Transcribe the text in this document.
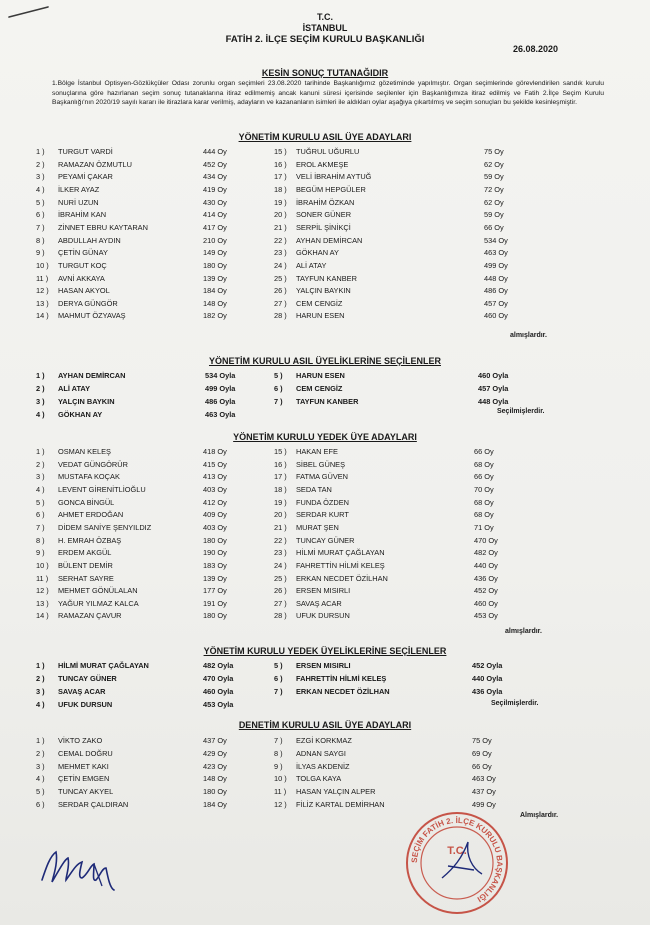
T.C.
İSTANBUL
FATİH 2. İLÇE SEÇİM KURULU BAŞKANLIĞI
26.08.2020
KESİN SONUÇ TUTANAĞIDIR

1.Bölge İstanbul Optisyen-Gözlükçüler Odası zorunlu organ seçimleri 23.08.2020 tarihinde Başkanlığımız gözetiminde yapılmıştır. Organ seçimlerinde görevlendirilen sandık kurulu sonuçlarına göre hazırlanan seçim sonuç tutanaklarına itiraz edilmemiş ancak kanuni süresi içerisinde seçilenler için Başkanlığımıza itiraz edilmiş ve Fatih 2.İlçe Seçim Kurulu Başkanlığı'nın 2020/19 sayılı kararı ile itirazlara karar verilmiş, adayların ve kazananların isimleri ile aldıkları oylar aşağıya çıkartılmış ve seçim sonuçları bu şekilde kesinleşmiştir.

YÖNETİM KURULU ASIL ÜYE ADAYLARI
1 ) TURGUT VARDİ	444 Oy	15 ) TUĞRUL UĞURLU	75 Oy
2 ) RAMAZAN ÖZMUTLU	452 Oy	16 ) EROL AKMEŞE	62 Oy
3 ) PEYAMİ ÇAKAR	434 Oy	17 ) VELİ İBRAHİM AYTUĞ	59 Oy
4 ) İLKER AYAZ	419 Oy	18 ) BEGÜM HEPGÜLER	72 Oy
5 ) NURİ UZUN	430 Oy	19 ) İBRAHİM ÖZKAN	62 Oy
6 ) İBRAHİM KAN	414 Oy	20 ) SONER GÜNER	59 Oy
7 ) ZİNNET EBRU KAYTARAN	417 Oy	21 ) SERPİL ŞİNİKÇİ	66 Oy
8 ) ABDULLAH AYDIN	210 Oy	22 ) AYHAN DEMİRCAN	534 Oy
9 ) ÇETİN GÜNAY	149 Oy	23 ) GÖKHAN AY	463 Oy
10 ) TURGUT KOÇ	180 Oy	24 ) ALİ ATAY	499 Oy
11 ) AVNİ AKKAYA	139 Oy	25 ) TAYFUN KANBER	448 Oy
12 ) HASAN AKYOL	184 Oy	26 ) YALÇIN BAYKIN	486 Oy
13 ) DERYA GÜNGÖR	148 Oy	27 ) CEM CENGİZ	457 Oy
14 ) MAHMUT ÖZYAVAŞ	182 Oy	28 ) HARUN ESEN	460 Oy
almışlardır.
YÖNETİM KURULU ASIL ÜYELİKLERİNE SEÇİLENLER
1 ) AYHAN DEMİRCAN	534 Oyla	5 ) HARUN ESEN	460 Oyla
2 ) ALİ ATAY	499 Oyla	6 ) CEM CENGİZ	457 Oyla
3 ) YALÇIN BAYKIN	486 Oyla	7 ) TAYFUN KANBER	448 Oyla
4 ) GÖKHAN AY	463 Oyla	Seçilmişlerdir.
YÖNETİM KURULU YEDEK ÜYE ADAYLARI
1 ) OSMAN KELEŞ	418 Oy	15 ) HAKAN EFE	66 Oy
2 ) VEDAT GÜNGÖRÜR	415 Oy	16 ) SİBEL GÜNEŞ	68 Oy
3 ) MUSTAFA KOÇAK	413 Oy	17 ) FATMA GÜVEN	66 Oy
4 ) LEVENT GİRENİTLİOĞLU	403 Oy	18 ) SEDA TAN	70 Oy
5 ) GONCA BİNGÜL	412 Oy	19 ) FUNDA ÖZDEN	68 Oy
6 ) AHMET ERDOĞAN	409 Oy	20 ) SERDAR KURT	68 Oy
7 ) DİDEM SANİYE ŞENYILDIZ	403 Oy	21 ) MURAT ŞEN	71 Oy
8 ) H. EMRAH ÖZBAŞ	180 Oy	22 ) TUNCAY GÜNER	470 Oy
9 ) ERDEM AKGÜL	190 Oy	23 ) HİLMİ MURAT ÇAĞLAYAN	482 Oy
10 ) BÜLENT DEMİR	183 Oy	24 ) FAHRETTİN HİLMİ KELEŞ	440 Oy
11 ) SERHAT SAYRE	139 Oy	25 ) ERKAN NECDET ÖZİLHAN	436 Oy
12 ) MEHMET GÖNÜLALAN	177 Oy	26 ) ERSEN MISIRLI	452 Oy
13 ) YAĞUR YILMAZ KALCA	191 Oy	27 ) SAVAŞ ACAR	460 Oy
14 ) RAMAZAN ÇAVUR	180 Oy	28 ) UFUK DURSUN	453 Oy
almışlardır.
YÖNETİM KURULU YEDEK ÜYELİKLERİNE SEÇİLENLER
1 ) HİLMİ MURAT ÇAĞLAYAN	482 Oyla	5 ) ERSEN MISIRLI	452 Oyla
2 ) TUNCAY GÜNER	470 Oyla	6 ) FAHRETTİN HİLMİ KELEŞ	440 Oyla
3 ) SAVAŞ ACAR	460 Oyla	7 ) ERKAN NECDET ÖZİLHAN	436 Oyla
4 ) UFUK DURSUN	453 Oyla	Seçilmişlerdir.
DENETİM KURULU ASIL ÜYE ADAYLARI
1 ) VİKTO ZAKO	437 Oy	7 ) EZGİ KORKMAZ	75 Oy
2 ) CEMAL DOĞRU	429 Oy	8 ) ADNAN SAYGI	69 Oy
3 ) MEHMET KAKI	423 Oy	9 ) İLYAS AKDENİZ	66 Oy
4 ) ÇETİN EMGEN	148 Oy	10 ) TOLGA KAYA	463 Oy
5 ) TUNCAY AKYEL	180 Oy	11 ) HASAN YALÇIN ALPER	437 Oy
6 ) SERDAR ÇALDIRAN	184 Oy	12 ) FİLİZ KARTAL DEMİRHAN	499 Oy
Almışlardır.
SEÇİM FATİH 2. İLÇE KURULU BAŞKANLIĞI
T.C.
